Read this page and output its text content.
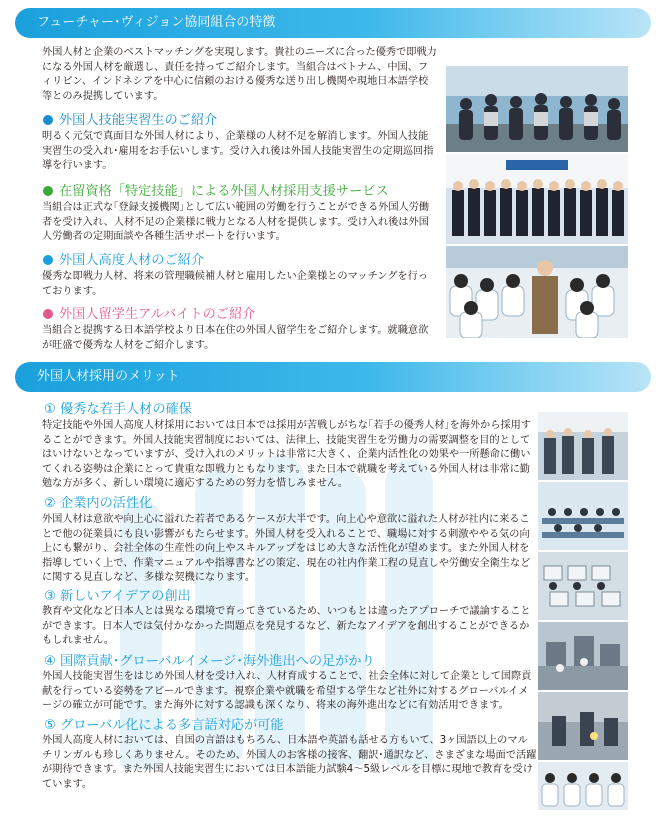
フューチャー･ヴィジョン協同組合の特徴
外国人材と企業のベストマッチングを実現します。貴社のニーズに合った優秀で即戦力になる外国人材を厳選し、責任を持ってご紹介します。当組合はベトナム、中国、フィリピン、インドネシアを中心に信頼のおける優秀な送り出し機関や現地日本語学校等とのみ提携しています。
外国人技能実習生のご紹介
明るく元気で真面目な外国人材により、企業様の人材不足を解消します。外国人技能実習生の受入れ･雇用をお手伝いします。受け入れ後は外国人技能実習生の定期巡回指導を行います。
在留資格「特定技能」による外国人材採用支援サービス
当組合は正式な｢登録支援機関｣として広い範囲の労働を行うことができる外国人労働者を受け入れ、人材不足の企業様に戦力となる人材を提供します。受け入れ後は外国人労働者の定期面談や各種生活サポートを行います。
外国人高度人材のご紹介
優秀な即戦力人材、将来の管理職候補人材と雇用したい企業様とのマッチングを行っております。
外国人留学生アルバイトのご紹介
当組合と提携する日本語学校より日本在住の外国人留学生をご紹介します。就職意欲が旺盛で優秀な人材をご紹介します。
外国人材採用のメリット
① 優秀な若手人材の確保
特定技能や外国人高度人材採用においては日本では採用が苦戦しがちな｢若手の優秀人材｣を海外から採用することができます。外国人技能実習制度においては、法律上、技能実習生を労働力の需要調整を目的としてはいけないとなっていますが、受け入れのメリットは非常に大きく、企業内活性化の効果や一所懸命に働いてくれる姿勢は企業にとって貴重な即戦力ともなります。また日本で就職を考えている外国人材は非常に勤勉な方が多く、新しい環境に適応するための努力を惜しみません。
② 企業内の活性化
外国人材は意欲や向上心に溢れた若者であるケースが大半です。向上心や意欲に溢れた人材が社内に来ることで他の従業員にも良い影響がもたらせます。外国人材を受入れることで、職場に対する刺激ややる気の向上にも繋がり、会社全体の生産性の向上やスキルアップをはじめ大きな活性化が望めます。また外国人材を指導していく上で、作業マニュアルや指導書などの策定、現在の社内作業工程の見直しや労働安全衛生などに関する見直しなど、多様な契機になります。
③ 新しいアイデアの創出
教育や文化など日本人とは異なる環境で育ってきているため、いつもとは違ったアプローチで議論することができます。日本人では気付かなかった問題点を発見するなど、新たなアイデアを創出することができるかもしれません。
④ 国際貢献･グローバルイメージ･海外進出への足がかり
外国人技能実習生をはじめ外国人材を受け入れ、人材育成することで、社会全体に対して企業として国際貢献を行っている姿勢をアピールできます。視察企業や就職を希望する学生など社外に対するグローバルイメージの確立が可能です。また海外に対する認識も深くなり、将来の海外進出などに有効活用できます。
⑤ グローバル化による多言語対応が可能
外国人高度人材においては、自国の言語はもちろん、日本語や英語も話せる方もいて、3ヶ国語以上のマルチリンガルも珍しくありません。そのため、外国人のお客様の接客、翻訳･通訳など、さまざまな場面で活躍が期待できます。また外国人技能実習生においては日本語能力試験4～5級レベルを目標に現地で教育を受けています。
